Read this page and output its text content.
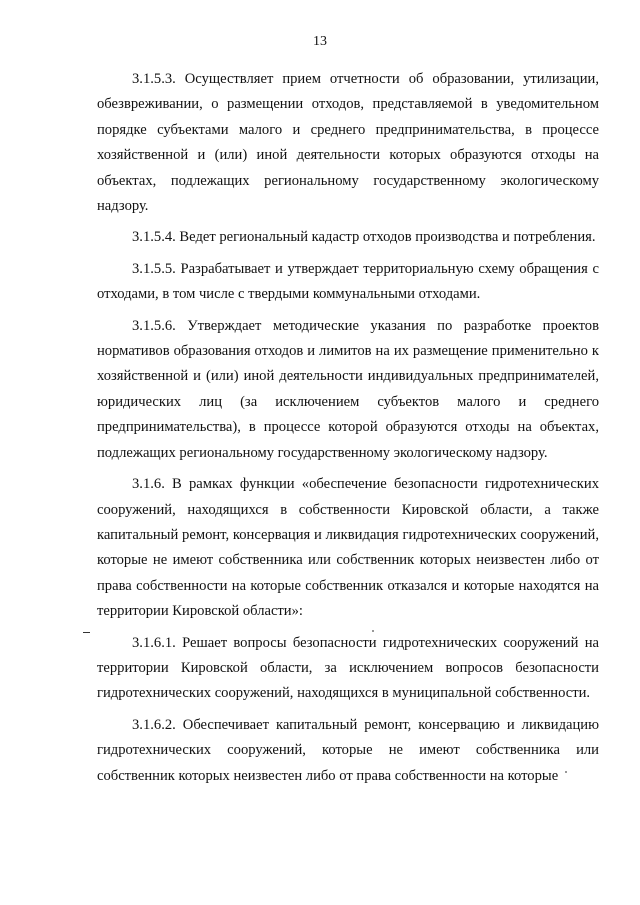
13

3.1.5.3. Осуществляет прием отчетности об образовании, утилизации, обезвреживании, о размещении отходов, представляемой в уведомительном порядке субъектами малого и среднего предпринимательства, в процессе хозяйственной и (или) иной деятельности которых образуются отходы на объектах, подлежащих региональному государственному экологическому надзору.

3.1.5.4. Ведет региональный кадастр отходов производства и потребления.

3.1.5.5. Разрабатывает и утверждает территориальную схему обращения с отходами, в том числе с твердыми коммунальными отходами.

3.1.5.6. Утверждает методические указания по разработке проектов нормативов образования отходов и лимитов на их размещение применительно к хозяйственной и (или) иной деятельности индивидуальных предпринимателей, юридических лиц (за исключением субъектов малого и среднего предпринимательства), в процессе которой образуются отходы на объектах, подлежащих региональному государственному экологическому надзору.

3.1.6. В рамках функции «обеспечение безопасности гидротехнических сооружений, находящихся в собственности Кировской области, а также капитальный ремонт, консервация и ликвидация гидротехнических сооружений, которые не имеют собственника или собственник которых неизвестен либо от права собственности на которые собственник отказался и которые находятся на территории Кировской области»:

3.1.6.1. Решает вопросы безопасности гидротехнических сооружений на территории Кировской области, за исключением вопросов безопасности гидротехнических сооружений, находящихся в муниципальной собственности.

3.1.6.2. Обеспечивает капитальный ремонт, консервацию и ликвидацию гидротехнических сооружений, которые не имеют собственника или собственник которых неизвестен либо от права собственности на которые
